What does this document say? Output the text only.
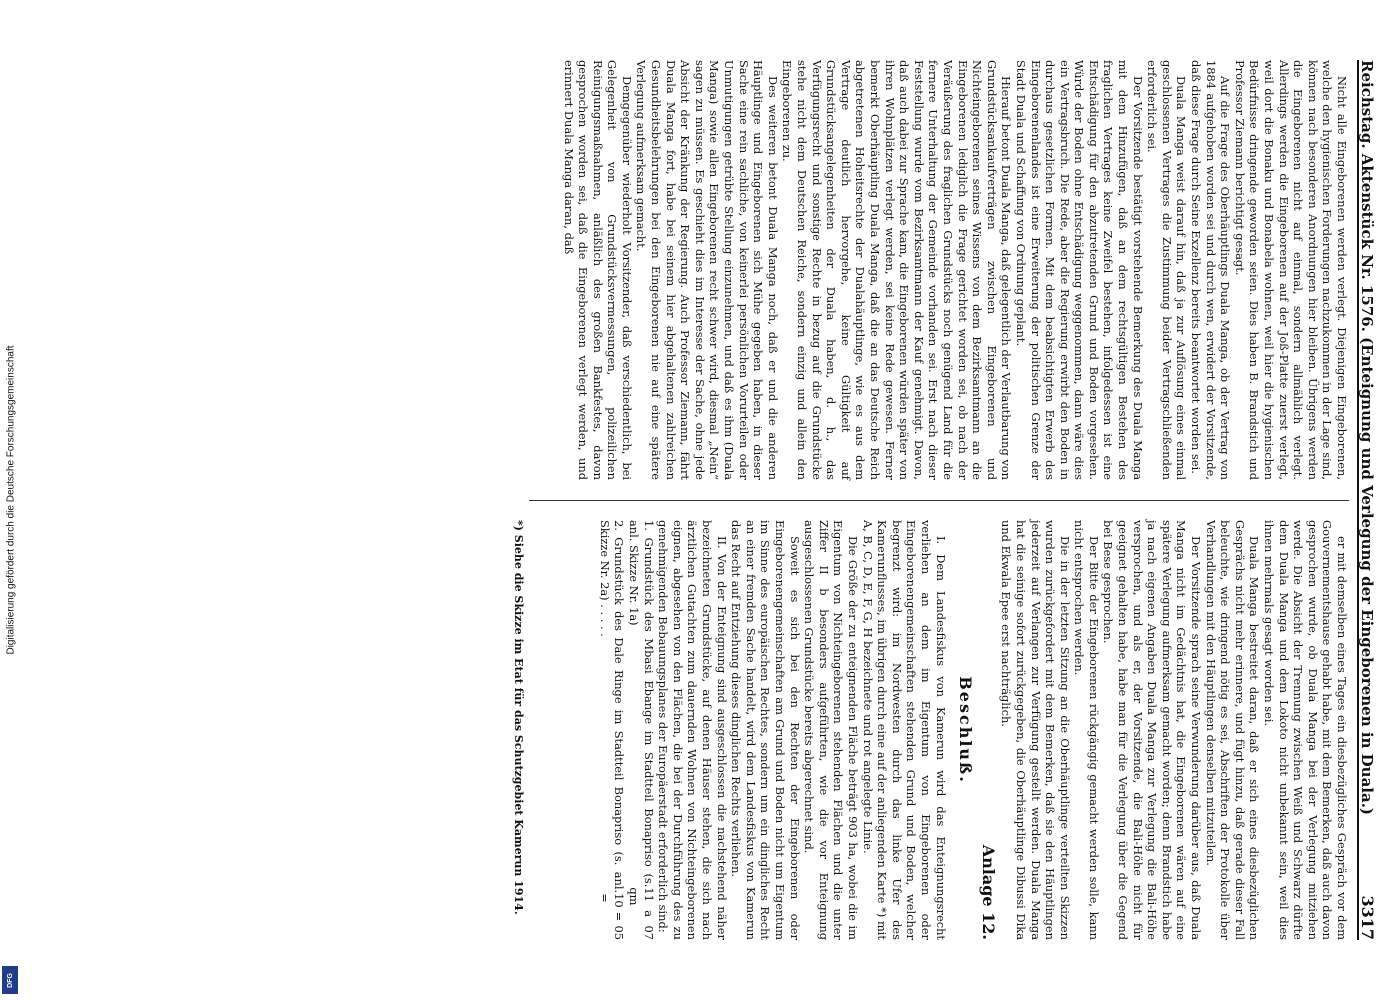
Digitalisierung gefördert durch die Deutsche Forschungsgemeinschaft
DFG
Reichstag. Aktenstück Nr. 1576. (Enteignung und Verlegung der Eingeborenen in Duala.)
3317

Nicht alle Eingeborenen werden verlegt. Diejenigen Eingeborenen, welche den hygienischen Forderungen nachzukommen in der Lage sind, können nach besonderen Anordnungen hier bleiben. Übrigens werden die Eingeborenen nicht auf einmal, sondern allmählich verlegt. Allerdings werden die Eingeborenen auf der Joß-Platte zuerst verlegt, weil dort die Bonaku und Bonabela wohnen, weil hier die hygienischen Bedürfnisse dringende geworden seien. Dies haben B. Brandstich und Professor Ziemann berichtigt gesagt.

Auf die Frage des Oberhäuptlings Duala Manga, ob der Vertrag von 1884 aufgehoben worden sei und durch wen, erwidert der Vorsitzende, daß diese Frage durch Seine Exzellenz bereits beantwortet worden sei.

Duala Manga weist darauf hin, daß ja zur Auflösung eines einmal geschlossenen Vertrages die Zustimmung beider Vertragschließenden erforderlich sei.

Der Vorsitzende bestätigt vorstehende Bemerkung des Duala Manga mit dem Hinzufügen, daß an dem rechtsgültigen Bestehen des fraglichen Vertrages keine Zweifel bestehen, infolgedessen ist eine Entschädigung für den abzutretenden Grund und Boden vorgesehen. Würde der Boden ohne Entschädigung weggenommen, dann wäre dies ein Vertragsbruch. Die Rede, aber die Regierung erwirbt den Boden in durchaus gesetzlichen Formen. Mit dem beabsichtigten Erwerb des Eingeborenenlandes ist eine Erweiterung der politischen Grenze der Stadt Duala und Schaffung von Ordnung geplant.

Hierauf betont Duala Manga, daß gelegentlich der Verlautbarung von Grundstücksankaufverträgen zwischen Eingeborenen und Nichteingeborenen seines Wissens von dem Bezirksamtmann an die Eingeborenen lediglich die Frage gerichtet worden sei, ob nach der Veräußerung des fraglichen Grundstücks noch genügend Land für die fernere Unterhaltung der Gemeinde vorhanden sei. Erst nach dieser Feststellung wurde vom Bezirksamtmann der Kauf genehmigt. Davon, daß auch dabei zur Sprache kam, die Eingeborenen würden später von ihren Wohnplätzen verlegt werden, sei keine Rede gewesen. Ferner bemerkt Oberhäuptling Duala Manga, daß die an das Deutsche Reich abgetretenen Hoheitsrechte der Dualahäuptlinge, wie es aus dem Vertrage deutlich hervorgehe, keine Gültigkeit auf Grundstücksangelegenheiten der Duala haben, d. h., das Verfügungsrecht und sonstige Rechte in bezug auf die Grundstücke stehe nicht dem Deutschen Reiche, sondern einzig und allein den Eingeborenen zu.

Des weiteren betont Duala Manga noch, daß er und die anderen Häuptlinge und Eingeborenen sich Mühe gegeben haben, in dieser Sache eine rein sachliche, von keinerlei persönlichen Vorurteilen oder Unmutigungen getrübte Stellung einzunehmen, und daß es ihm (Duala Manga) sowie allen Eingeborenen recht schwer wird, diesmal „Nein“ sagen zu müssen. Es geschieht dies im Interesse der Sache, ohne jede Absicht der Kränkung der Regierung. Auch Professor Ziemann, fährt Duala Manga fort, habe bei seinem hier abgehaltenen zahlreichen Gesundheitsbelehrungen bei den Eingeborenen nie auf eine spätere Verlegung aufmerksam gemacht.

Demgegenüber wiederholt Vorsitzender, daß verschiedentlich, bei Gelegenheit von Grundstücksvermessungen, polizeilichen Reinigungsmaßnahmen, anläßlich des großen Bankfestes, davon gesprochen worden sei, daß die Eingeborenen verlegt werden, und erinnert Duala Manga daran, daß

er mit demselben eines Tages ein diesbezügliches Gespräch vor dem Gouvernementshause gehabt habe, mit dem Bemerken, daß auch davon gesprochen wurde, ob Duala Manga bei der Verlegung mitziehen werde. Die Absicht der Trennung zwischen Weiß und Schwarz dürfte dem Duala Manga und dem Lokoto nicht unbekannt sein, weil dies ihnen mehrmals gesagt worden sei.

Duala Manga bestreitet daran, daß er sich eines diesbezüglichen Gesprächs nicht mehr erinnere, und fügt hinzu, daß gerade dieser Fall beleuchte, wie dringend nötig es sei, Abschriften der Protokolle über Verhandlungen mit den Häuptlingen denselben mitzuteilen.

Der Vorsitzende sprach seine Verwunderung darüber aus, daß Duala Manga nicht im Gedächtnis hat, die Eingeborenen wären auf eine spätere Verlegung aufmerksam gemacht worden; denn Brandstich habe ja nach eigenen Angaben Duala Manga zur Verlegung die Bali-Höhe versprochen, und als er, der Vorsitzende, die Bali-Höhe nicht für geeignet gehalten habe, habe man für die Verlegung über die Gegend bei Bese gesprochen.

Der Bitte der Eingeborenen rückgängig gemacht werden solle, kann nicht entsprochen werden.

Die in der letzten Sitzung an die Oberhäuptlinge verteilten Skizzen wurden zurückgefordert mit dem Bemerken, daß sie den Häuptlingen jederzeit auf Verlangen zur Verfügung gestellt werden. Duala Manga hat die seinige sofort zurückgegeben, die Oberhäuptlinge Dibussi Dika und Ekwala Epee erst nachträglich.

Anlage 12.
Beschluß.

I. Dem Landesfiskus von Kamerun wird das Enteignungsrecht verliehen an dem im Eigentum von Eingeborenen oder Eingeborenengemeinschaften stehenden Grund und Boden, welcher begrenzt wird: im Nordwesten durch das linke Ufer des Kamerunflusses, im übrigen durch eine auf der anliegenden Karte *) mit A, B, C, D, E, F, G, H bezeichnete und rot angelegte Linie.

Die Größe der zu enteignenden Fläche beträgt 903 ha, wobei die im Eigentum von Nichteingeborenen stehenden Flächen und die unter Ziffer II b besonders aufgeführten, wie die vor Enteignung ausgeschlossenen Grundstücke bereits abgerechnet sind.

Soweit es sich bei den Rechten der Eingeborenen oder Eingeborenengemeinschaften am Grund und Boden nicht um Eigentum im Sinne des europäischen Rechtes, sondern um ein dingliches Recht an einer fremden Sache handelt, wird dem Landesfiskus von Kamerun das Recht auf Entziehung dieses dinglichen Rechts verliehen.

II. Von der Enteignung sind ausgeschlossen die nachstehend näher bezeichneten Grundstücke, auf denen Häuser stehen, die sich nach ärztlichen Gutachten zum dauernden Wohnen von Nichteingeborenen eignen, abgesehen von den Flächen, die bei der Durchführung des zu genehmigenden Bebauungsplanes der Europäerstadt erforderlich sind:

1. Grundstück des Mbasi Ebange im Stadtteil Bonapriso (s. anl. Skizze Nr. 1a)
11 a 07 qm
2. Grundstück des Dale Ringe im Stadtteil Bonapriso (s. anl. Skizze Nr. 2a) . . . . .
10 = 05 =
*) Siehe die Skizze im Etat für das Schutzgebiet Kamerun 1914.
